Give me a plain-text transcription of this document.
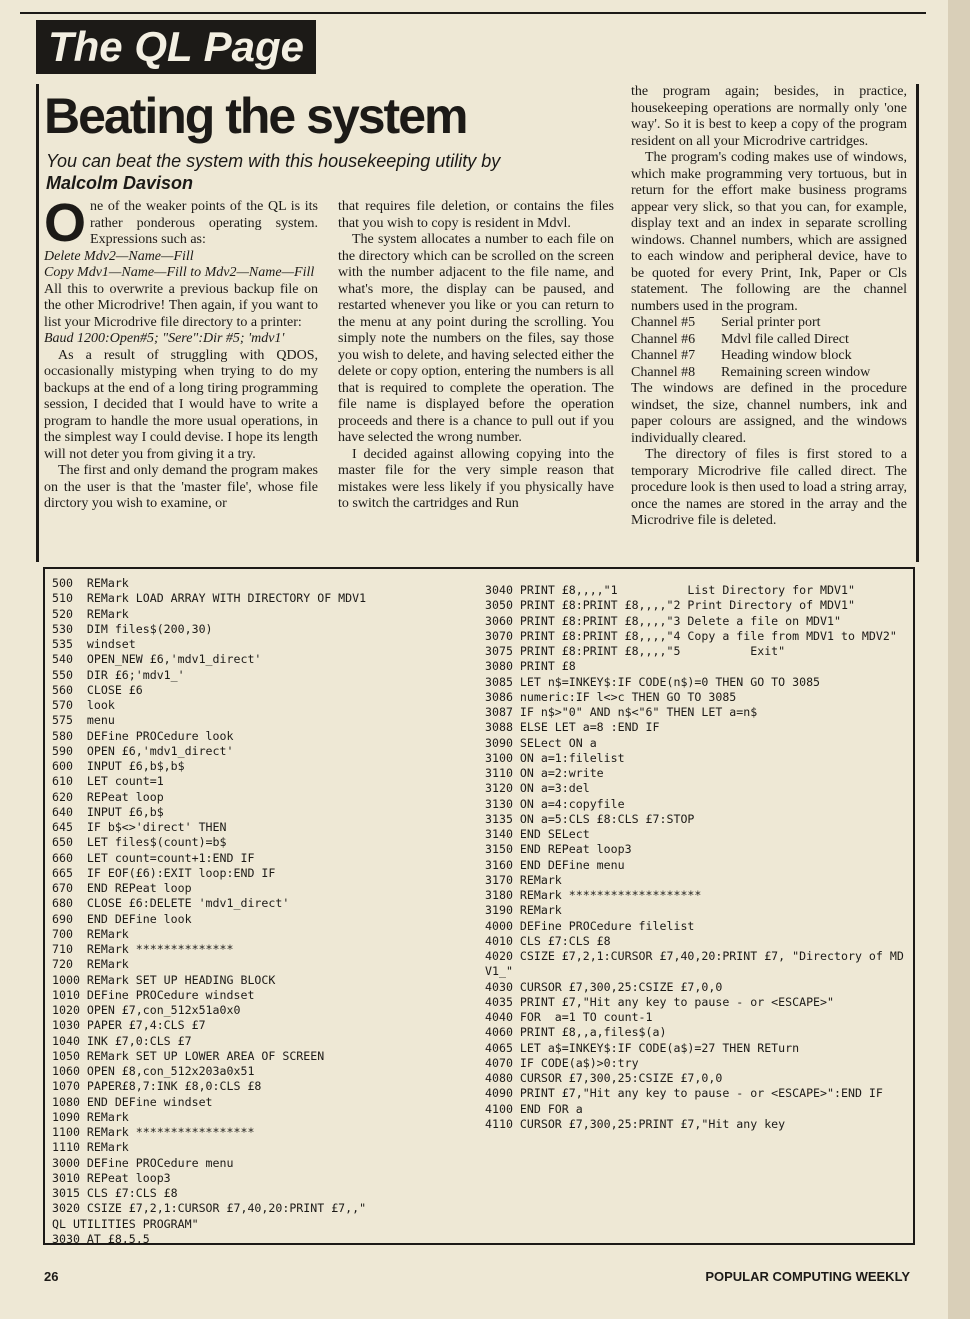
The QL Page
Beating the system
You can beat the system with this housekeeping utility by
Malcolm Davison

One of the weaker points of the QL is its rather ponderous operating system. Expressions such as:

Delete Mdv2—Name—Fill

Copy Mdv1—Name—Fill to Mdv2—Name—Fill

All this to overwrite a previous backup file on the other Microdrive! Then again, if you want to list your Microdrive file directory to a printer:

Baud 1200:Open#5; "Sere":Dir #5; 'mdv1'

As a result of struggling with QDOS, occasionally mistyping when trying to do my backups at the end of a long tiring programming session, I decided that I would have to write a program to handle the more usual operations, in the simplest way I could devise. I hope its length will not deter you from giving it a try.

The first and only demand the program makes on the user is that the 'master file', whose file dirctory you wish to examine, or

that requires file deletion, or contains the files that you wish to copy is resident in Mdvl.

The system allocates a number to each file on the directory which can be scrolled on the screen with the number adjacent to the file name, and what's more, the display can be paused, and restarted whenever you like or you can return to the menu at any point during the scrolling. You simply note the numbers on the files, say those you wish to delete, and having selected either the delete or copy option, entering the numbers is all that is required to complete the operation. The file name is displayed before the operation proceeds and there is a chance to pull out if you have selected the wrong number.

I decided against allowing copying into the master file for the very simple reason that mistakes were less likely if you physically have to switch the cartridges and Run

the program again; besides, in practice, housekeeping operations are normally only 'one way'. So it is best to keep a copy of the program resident on all your Microdrive cartridges.

The program's coding makes use of windows, which make programming very tortuous, but in return for the effort make business programs appear very slick, so that you can, for example, display text and an index in separate scrolling windows. Channel numbers, which are assigned to each window and peripheral device, have to be quoted for every Print, Ink, Paper or Cls statement. The following are the channel numbers used in the program.

Channel #5	Serial printer port
Channel #6	Mdvl file called Direct
Channel #7	Heading window block
Channel #8	Remaining screen window

The windows are defined in the procedure windset, the size, channel numbers, ink and paper colours are assigned, and the windows individually cleared.

The directory of files is first stored to a temporary Microdrive file called direct. The procedure look is then used to load a string array, once the names are stored in the array and the Microdrive file is deleted.

500  REMark
510  REMark LOAD ARRAY WITH DIRECTORY OF MDV1
520  REMark
530  DIM files$(200,30)
535  windset
540  OPEN_NEW £6,'mdv1_direct'
550  DIR £6;'mdv1_'
560  CLOSE £6
570  look
575  menu
580  DEFine PROCedure look
590  OPEN £6,'mdv1_direct'
600  INPUT £6,b$,b$
610  LET count=1
620  REPeat loop
640  INPUT £6,b$
645  IF b$<>'direct' THEN
650  LET files$(count)=b$
660  LET count=count+1:END IF
665  IF EOF(£6):EXIT loop:END IF
670  END REPeat loop
680  CLOSE £6:DELETE 'mdv1_direct'
690  END DEFine look
700  REMark
710  REMark **************
720  REMark
1000 REMark SET UP HEADING BLOCK
1010 DEFine PROCedure windset
1020 OPEN £7,con_512x51a0x0
1030 PAPER £7,4:CLS £7
1040 INK £7,0:CLS £7
1050 REMark SET UP LOWER AREA OF SCREEN
1060 OPEN £8,con_512x203a0x51
1070 PAPER£8,7:INK £8,0:CLS £8
1080 END DEFine windset
1090 REMark
1100 REMark *****************
1110 REMark
3000 DEFine PROCedure menu
3010 REPeat loop3
3015 CLS £7:CLS £8
3020 CSIZE £7,2,1:CURSOR £7,40,20:PRINT £7,,"
QL UTILITIES PROGRAM"
3030 AT £8,5,5
3040 PRINT £8,,,,"1          List Directory for MDV1"
3050 PRINT £8:PRINT £8,,,,"2 Print Directory of MDV1"
3060 PRINT £8:PRINT £8,,,,"3 Delete a file on MDV1"
3070 PRINT £8:PRINT £8,,,,"4 Copy a file from MDV1 to MDV2"
3075 PRINT £8:PRINT £8,,,,"5          Exit"
3080 PRINT £8
3085 LET n$=INKEY$:IF CODE(n$)=0 THEN GO TO 3085
3086 numeric:IF l<>c THEN GO TO 3085
3087 IF n$>"0" AND n$<"6" THEN LET a=n$
3088 ELSE LET a=8 :END IF
3090 SELect ON a
3100 ON a=1:filelist
3110 ON a=2:write
3120 ON a=3:del
3130 ON a=4:copyfile
3135 ON a=5:CLS £8:CLS £7:STOP
3140 END SELect
3150 END REPeat loop3
3160 END DEFine menu
3170 REMark
3180 REMark *******************
3190 REMark
4000 DEFine PROCedure filelist
4010 CLS £7:CLS £8
4020 CSIZE £7,2,1:CURSOR £7,40,20:PRINT £7, "Directory of MDV1_"
4030 CURSOR £7,300,25:CSIZE £7,0,0
4035 PRINT £7,"Hit any key to pause - or <ESCAPE>"
4040 FOR  a=1 TO count-1
4060 PRINT £8,,a,files$(a)
4065 LET a$=INKEY$:IF CODE(a$)=27 THEN RETurn
4070 IF CODE(a$)>0:try
4080 CURSOR £7,300,25:CSIZE £7,0,0
4090 PRINT £7,"Hit any key to pause - or <ESCAPE>":END IF
4100 END FOR a
4110 CURSOR £7,300,25:PRINT £7,"Hit any key
26	POPULAR COMPUTING WEEKLY
